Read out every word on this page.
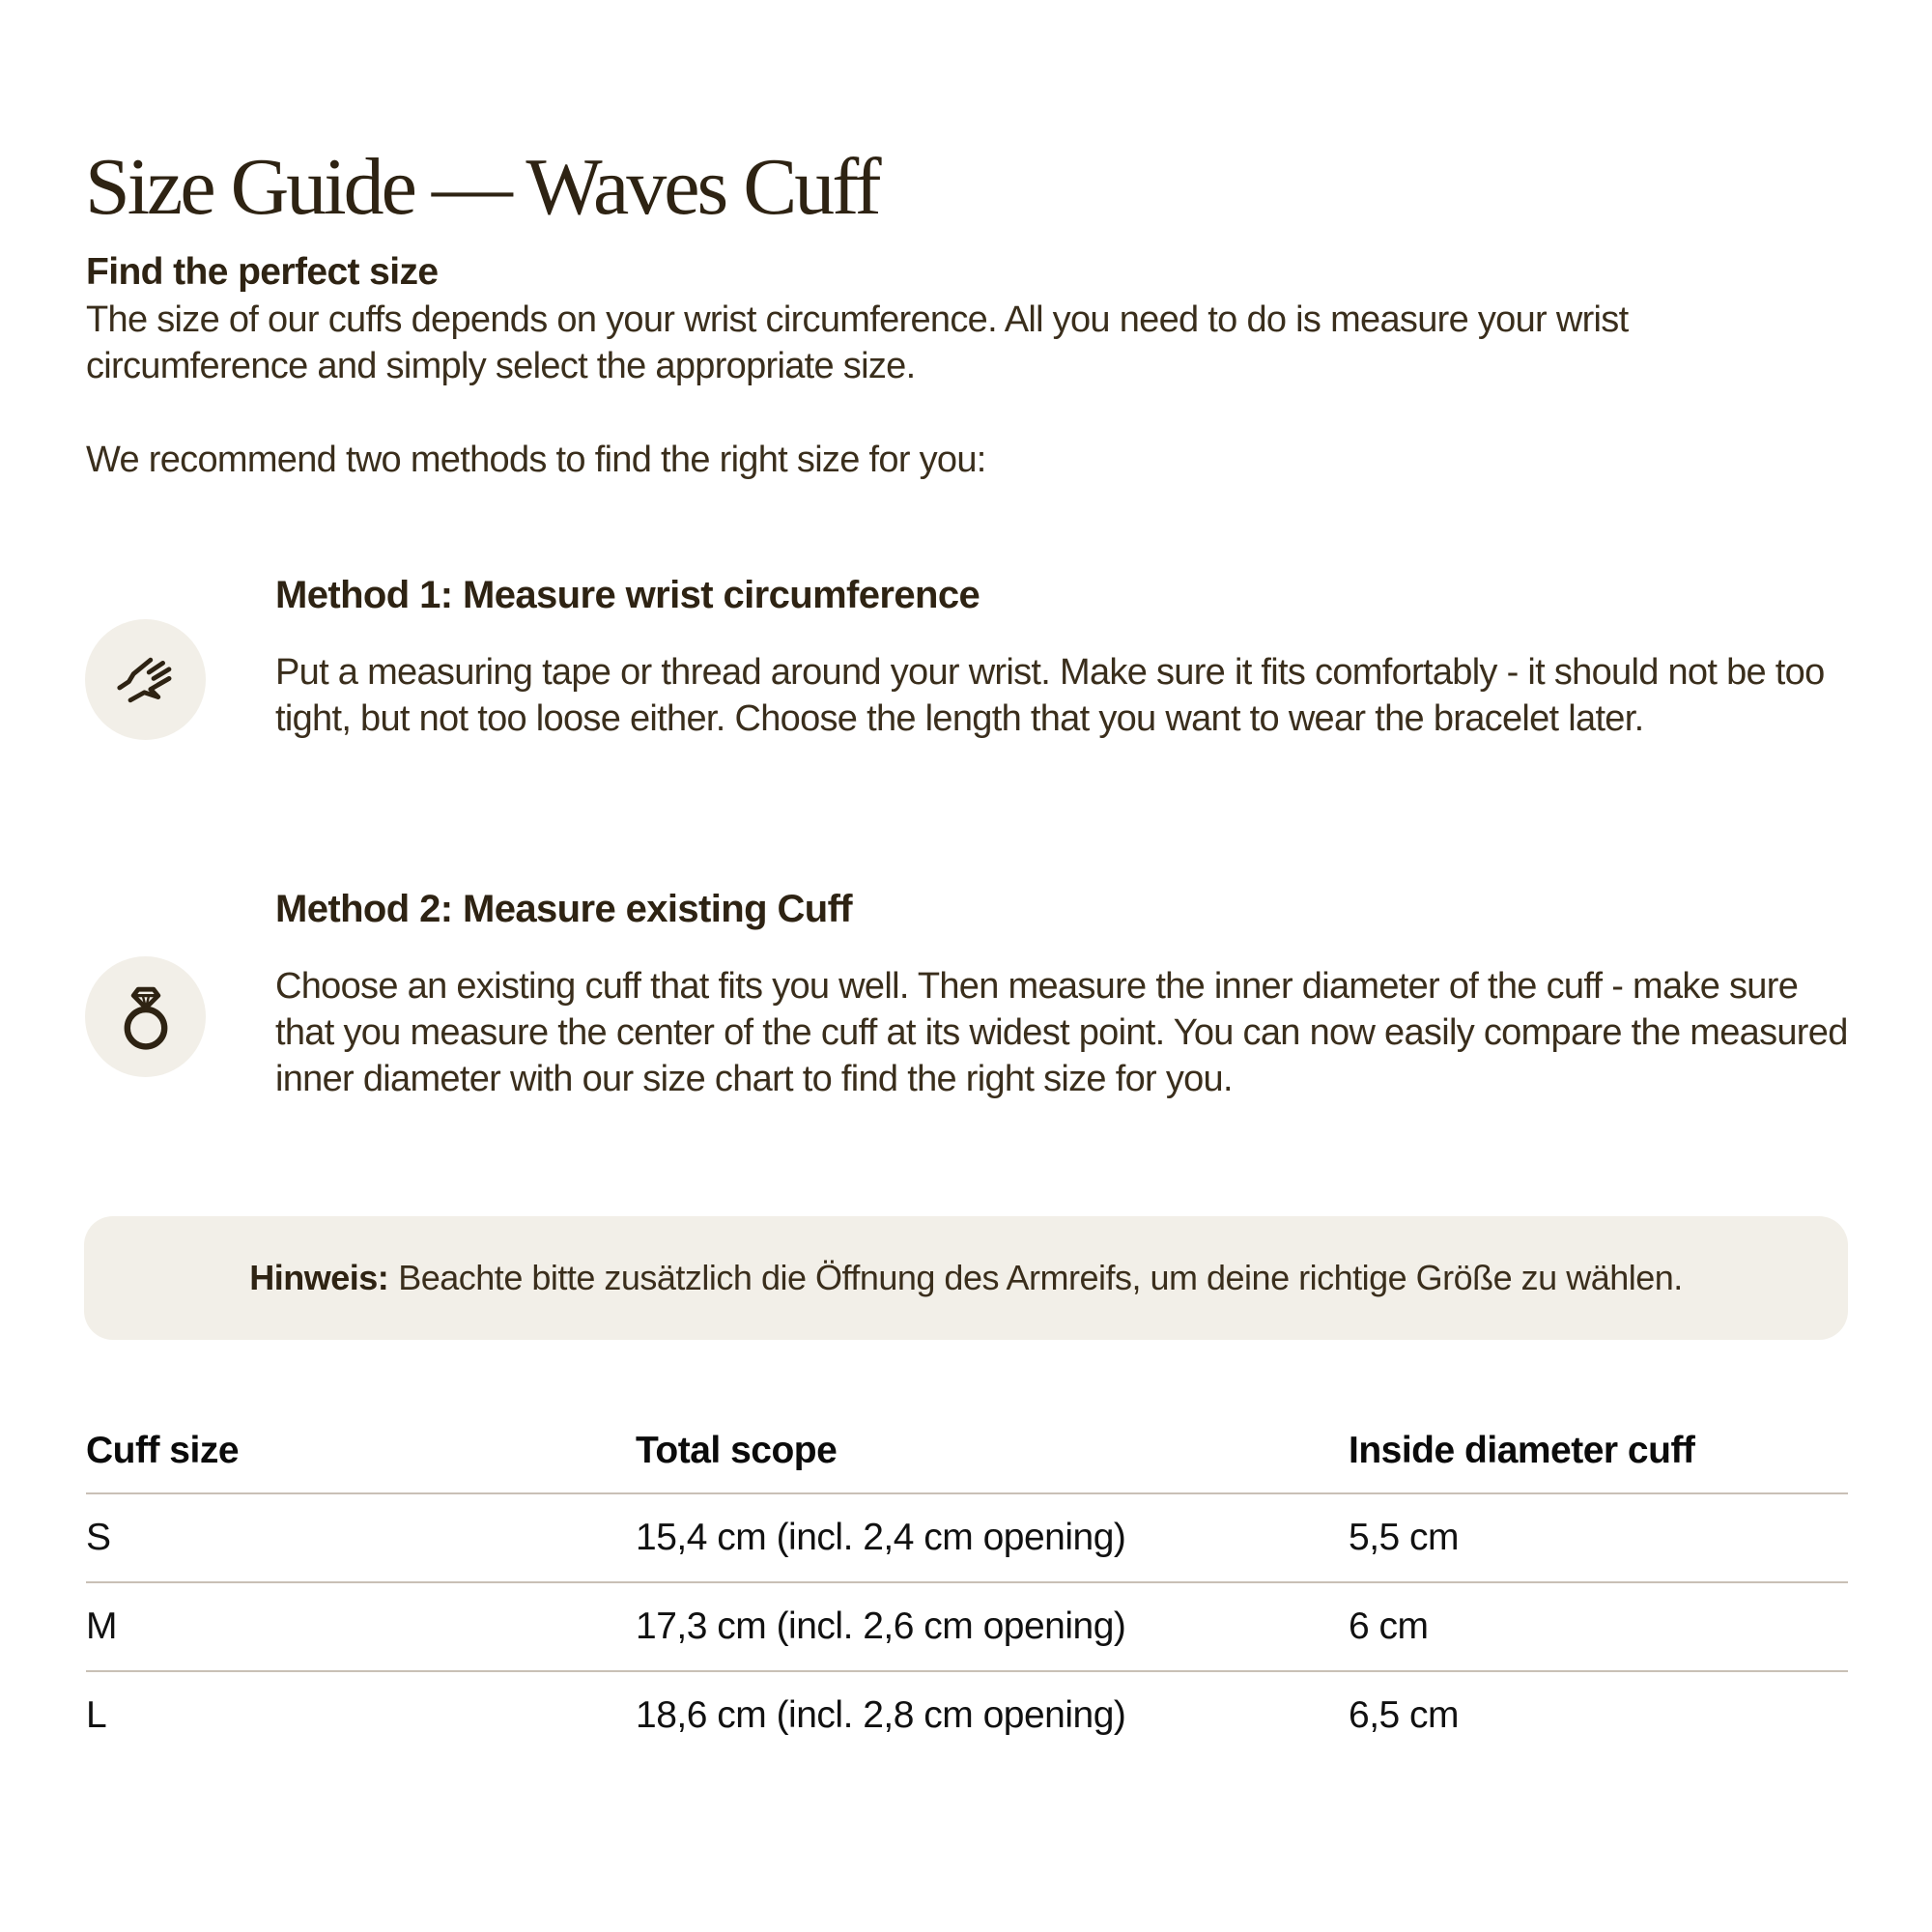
Size Guide — Waves Cuff
Find the perfect size

The size of our cuffs depends on your wrist circumference. All you need to do is measure your wrist circumference and simply select the appropriate size.

We recommend two methods to find the right size for you:

Method 1: Measure wrist circumference

Put a measuring tape or thread around your wrist. Make sure it fits comfortably - it should not be too tight, but not too loose either. Choose the length that you want to wear the bracelet later.

Method 2: Measure existing Cuff

Choose an existing cuff that fits you well. Then measure the inner diameter of the cuff - make sure that you measure the center of the cuff at its widest point. You can now easily compare the measured inner diameter with our size chart to find the right size for you.

Hinweis: Beachte bitte zusätzlich die Öffnung des Armreifs, um deine richtige Größe zu wählen.
Cuff size	Total scope	Inside diameter cuff
S	15,4 cm (incl. 2,4 cm opening)	5,5 cm
M	17,3 cm (incl. 2,6 cm opening)	6 cm
L	18,6 cm (incl. 2,8 cm opening)	6,5 cm
